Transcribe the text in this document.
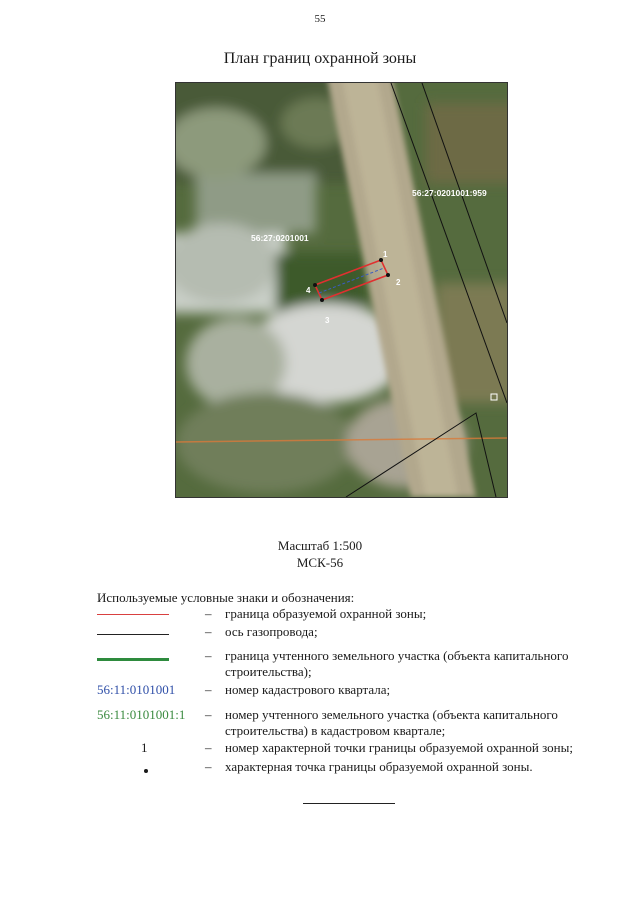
55
План границ охранной зоны
56:27:0201001:959
56:27:0201001
1
2
3
4
Масштаб 1:500
МСК-56
Используемые условные знаки и обозначения:
– граница образуемой охранной зоны;
– ось газопровода;
– граница учтенного земельного участка (объекта капитального строительства);
56:11:0101001	– номер кадастрового квартала;
56:11:0101001:1	– номер учтенного земельного участка (объекта капитального строительства) в кадастровом квартале;
1	– номер характерной точки границы образуемой охранной зоны;
– характерная точка границы образуемой охранной зоны.
